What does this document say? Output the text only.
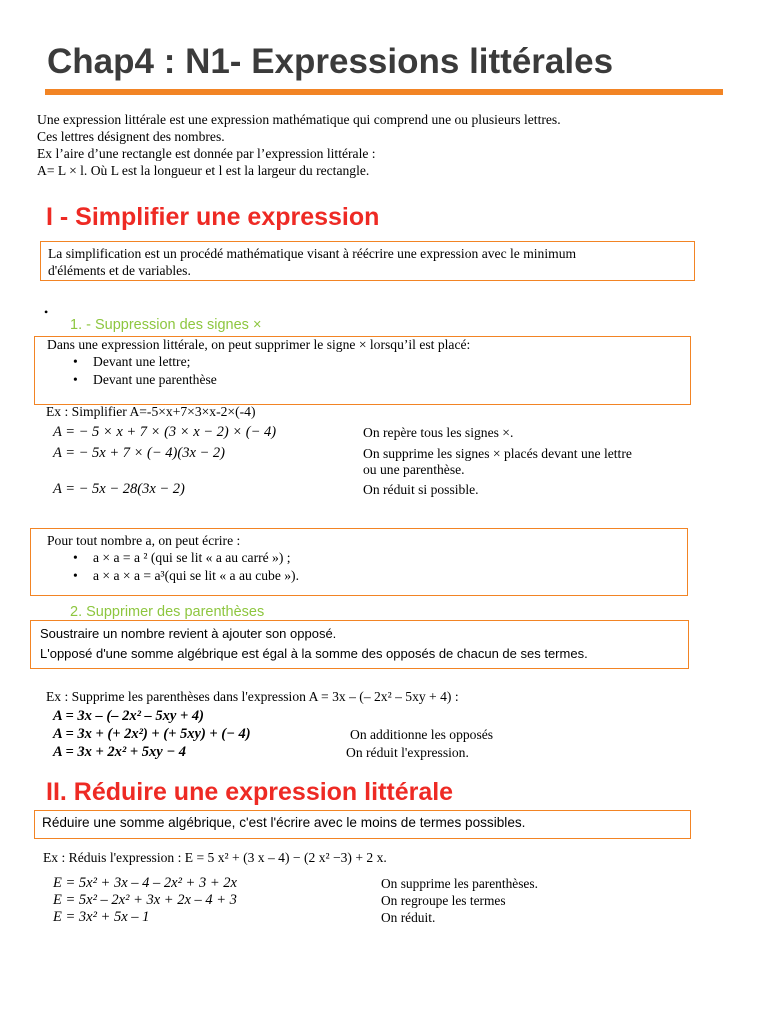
Chap4 : N1- Expressions littérales
Une expression littérale est une expression mathématique qui comprend une ou plusieurs lettres.
Ces lettres désignent des nombres.
Ex l’aire d’une rectangle est donnée par l’expression littérale :
A= L × l. Où L est la longueur et l est la largeur du rectangle.
I - Simplifier une expression
La simplification est un procédé mathématique visant à réécrire une expression avec le minimum
d'éléments et de variables.
•
1. - Suppression des signes ×
Dans une expression littérale, on peut supprimer le signe × lorsqu’il est placé:
• Devant une lettre;
• Devant une parenthèse
Ex : Simplifier A=-5×x+7×3×x-2×(-4)
A = − 5 × x + 7 × (3 × x − 2) × (− 4)	On repère tous les signes ×.
A = − 5x + 7 × (− 4)(3x − 2)	On supprime les signes × placés devant une lettre
ou une parenthèse.
A = − 5x − 28(3x − 2)	On réduit si possible.
Pour tout nombre a, on peut écrire :
• a × a = a ² (qui se lit « a au carré ») ;
• a × a × a = a³(qui se lit « a au cube »).
2. Supprimer des parenthèses
Soustraire un nombre revient à ajouter son opposé.
L'opposé d'une somme algébrique est égal à la somme des opposés de chacun de ses termes.
Ex : Supprime les parenthèses dans l'expression A = 3x – (– 2x² – 5xy + 4) :
A = 3x – (– 2x² – 5xy + 4)
A = 3x + (+ 2x²) + (+ 5xy) + (− 4)	On additionne les opposés
A = 3x + 2x² + 5xy − 4	On réduit l'expression.
II. Réduire une expression littérale
Réduire une somme algébrique, c'est l'écrire avec le moins de termes possibles.
Ex : Réduis l'expression : E = 5 x² + (3 x – 4) − (2 x² −3) + 2 x.
E = 5x² + 3x – 4 – 2x² + 3 + 2x	On supprime les parenthèses.
E = 5x² – 2x² + 3x + 2x – 4 + 3	On regroupe les termes
E = 3x² + 5x – 1	On réduit.
